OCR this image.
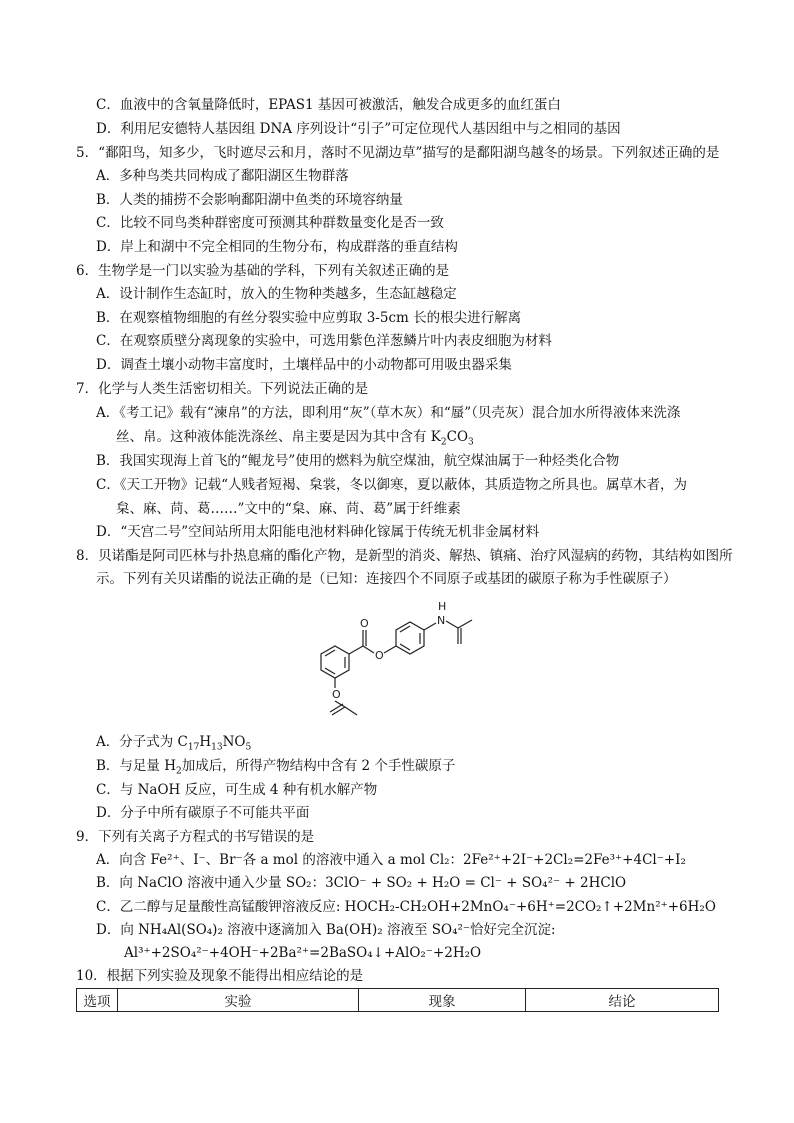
C．血液中的含氧量降低时，EPAS1 基因可被激活，触发合成更多的血红蛋白
D．利用尼安德特人基因组 DNA 序列设计“引子”可定位现代人基因组中与之相同的基因
5．“鄱阳鸟，知多少，飞时遮尽云和月，落时不见湖边草”描写的是鄱阳湖鸟越冬的场景。下列叙述正确的是
A．多种鸟类共同构成了鄱阳湖区生物群落
B．人类的捕捞不会影响鄱阳湖中鱼类的环境容纳量
C．比较不同鸟类种群密度可预测其种群数量变化是否一致
D．岸上和湖中不完全相同的生物分布，构成群落的垂直结构
6．生物学是一门以实验为基础的学科，下列有关叙述正确的是
A．设计制作生态缸时，放入的生物种类越多，生态缸越稳定
B．在观察植物细胞的有丝分裂实验中应剪取 3-5cm 长的根尖进行解离
C．在观察质壁分离现象的实验中，可选用紫色洋葱鳞片叶内表皮细胞为材料
D．调查土壤小动物丰富度时，土壤样品中的小动物都可用吸虫器采集
7．化学与人类生活密切相关。下列说法正确的是
A．《考工记》载有“湅帛”的方法，即利用“灰”（草木灰）和“蜃”（贝壳灰）混合加水所得液体来洗涤
丝、帛。这种液体能洗涤丝、帛主要是因为其中含有 $K_2CO_3$
B．我国实现海上首飞的“鲲龙号”使用的燃料为航空煤油，航空煤油属于一种烃类化合物
C．《天工开物》记载“人贱者短褐、枲裳，冬以御寒，夏以蔽体，其质造物之所具也。属草木者，为
枲、麻、苘、葛……”文中的“枲、麻、苘、葛”属于纤维素
D．“天宫二号”空间站所用太阳能电池材料砷化镓属于传统无机非金属材料
8．贝诺酯是阿司匹林与扑热息痛的酯化产物，是新型的消炎、解热、镇痛、治疗风湿病的药物，其结构如图所
示。下列有关贝诺酯的说法正确的是（已知：连接四个不同原子或基团的碳原子称为手性碳原子）
O
O
N
H
O
A．分子式为 $C_{17}H_{13}NO_5$
B．与足量 $H_2$加成后，所得产物结构中含有 2 个手性碳原子
C．与 NaOH 反应，可生成 4 种有机水解产物
D．分子中所有碳原子不可能共平面
9．下列有关离子方程式的书写错误的是
A．向含 Fe²⁺、I⁻、Br⁻各 a mol 的溶液中通入 a mol Cl₂：2Fe²⁺+2I⁻+2Cl₂=2Fe³⁺+4Cl⁻+I₂
B．向 NaClO 溶液中通入少量 SO₂：3ClO⁻ + SO₂ + H₂O = Cl⁻ + SO₄²⁻ + 2HClO
C．乙二醇与足量酸性高锰酸钾溶液反应: HOCH₂-CH₂OH+2MnO₄⁻+6H⁺=2CO₂↑+2Mn²⁺+6H₂O
D．向 NH₄Al(SO₄)₂ 溶液中逐滴加入 Ba(OH)₂ 溶液至 SO₄²⁻恰好完全沉淀:
Al³⁺+2SO₄²⁻+4OH⁻+2Ba²⁺=2BaSO₄↓+AlO₂⁻+2H₂O
10．根据下列实验及现象不能得出相应结论的是
选项	实验	现象	结论
